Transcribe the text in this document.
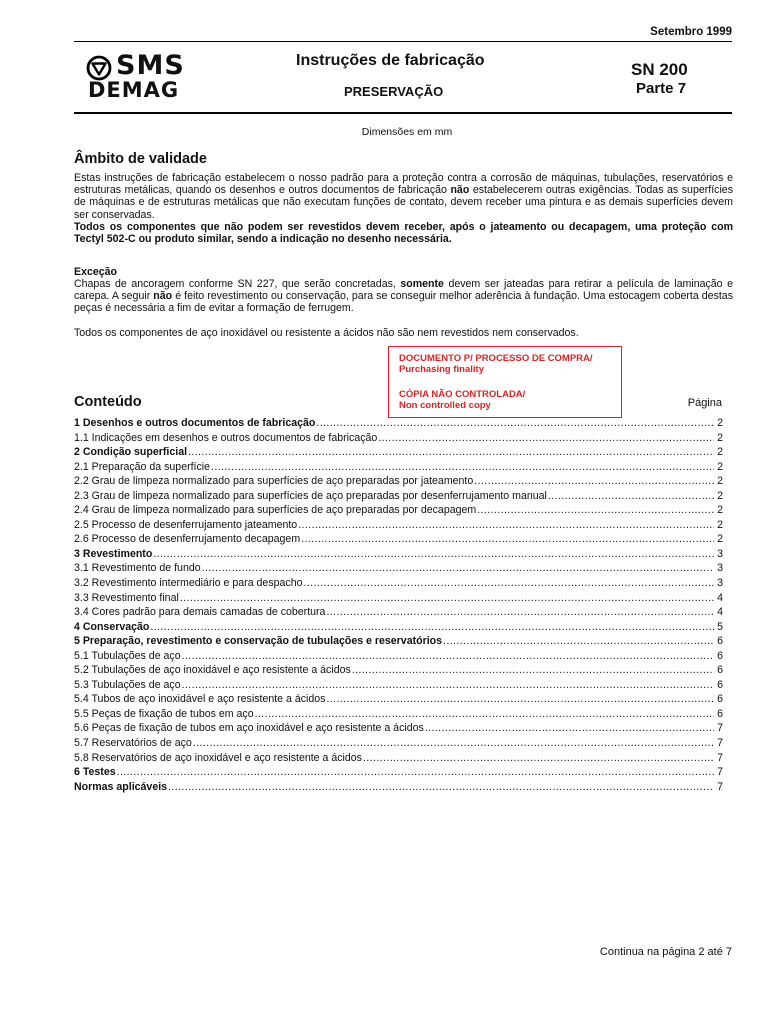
Setembro 1999
SMS
DEMAG
Instruções de fabricação
PRESERVAÇÃO
SN 200
Parte 7
Dimensões em mm
Âmbito de validade
Estas instruções de fabricação estabelecem o nosso padrão para a proteção contra a corrosão de máquinas, tubulações, reservatórios e estruturas metálicas, quando os desenhos e outros documentos de fabricação não estabelecerem outras exigências. Todas as superfícies de máquinas e de estruturas metálicas que não executam funções de contato, devem receber uma pintura e as demais superfícies devem ser conservadas.
Todos os componentes que não podem ser revestidos devem receber, após o jateamento ou decapagem, uma proteção com Tectyl 502-C ou produto similar, sendo a indicação no desenho necessária.
Exceção
Chapas de ancoragem conforme SN 227, que serão concretadas, somente devem ser jateadas para retirar a película de laminação e carepa. A seguir não é feito revestimento ou conservação, para se conseguir melhor aderência à fundação. Uma estocagem coberta destas peças é necessária a fim de evitar a formação de ferrugem.
Todos os componentes de aço inoxidável ou resistente a ácidos não são nem revestidos nem conservados.
DOCUMENTO P/ PROCESSO DE COMPRA/
Purchasing finality
CÓPIA NÃO CONTROLADA/
Non controlled copy
Conteúdo	Página
1 Desenhos e outros documentos de fabricação .....	2
1.1 Indicações em desenhos e outros documentos de fabricação .....	2
2 Condição superficial .....	2
2.1 Preparação da superfície .....	2
2.2 Grau de limpeza normalizado para superfícies de aço preparadas por jateamento .....	2
2.3 Grau de limpeza normalizado para superfícies de aço preparadas por desenferrujamento manual .....	2
2.4 Grau de limpeza normalizado para superfícies de aço preparadas por decapagem .....	2
2.5 Processo de desenferrujamento jateamento .....	2
2.6 Processo de desenferrujamento decapagem .....	2
3 Revestimento .....	3
3.1 Revestimento de fundo .....	3
3.2 Revestimento intermediário e para despacho .....	3
3.3 Revestimento final .....	4
3.4 Cores padrão para demais camadas de cobertura .....	4
4 Conservação .....	5
5 Preparação, revestimento e conservação de tubulações e reservatórios .....	6
5.1 Tubulações de aço .....	6
5.2 Tubulações de aço inoxidável e aço resistente a ácidos .....	6
5.3 Tubulações de aço .....	6
5.4 Tubos de aço inoxidável e aço resistente a ácidos .....	6
5.5 Peças de fixação de tubos em aço .....	6
5.6 Peças de fixação de tubos em aço inoxidável e aço resistente a ácidos .....	7
5.7 Reservatórios de aço .....	7
5.8 Reservatórios de aço inoxidável e aço resistente a ácidos .....	7
6 Testes .....	7
Normas aplicáveis .....	7
Continua na página 2 até 7
